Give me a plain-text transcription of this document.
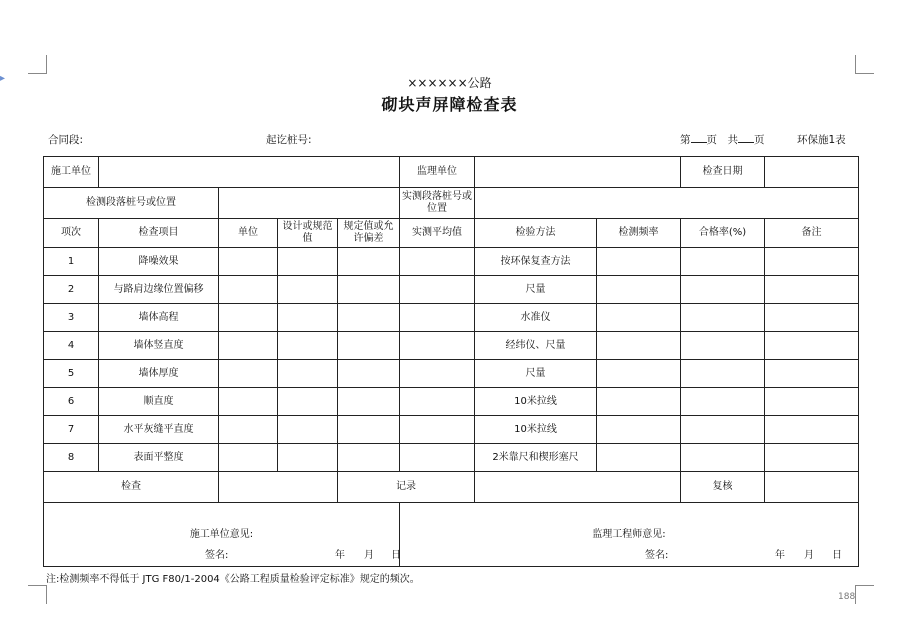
▸	××××××公路
砌块声屏障检查表
合同段:	起讫桩号:	第 页　共 页	环保施1表
施工单位					监理单位			检查日期	
检测段落桩号或位置					实测段落桩号或位置				
项次	检查项目	单位	设计或规范值	规定值或允许偏差	实测平均值	检验方法	检测频率	合格率(%)	备注
1	降噪效果					按环保复查方法			
2	与路肩边缘位置偏移					尺量			
3	墙体高程					水准仪			
4	墙体竖直度					经纬仪、尺量			
5	墙体厚度					尺量			
6	顺直度					10米拉线			
7	水平灰缝平直度					10米拉线			
8	表面平整度					2米靠尺和楔形塞尺			
检查				记录				复核	

施工单位意见:
签名: 年 月 日					监理工程师意见:
签名: 年 月 日				
注:检测频率不得低于 JTG F80/1-2004《公路工程质量检验评定标准》规定的频次。
188
